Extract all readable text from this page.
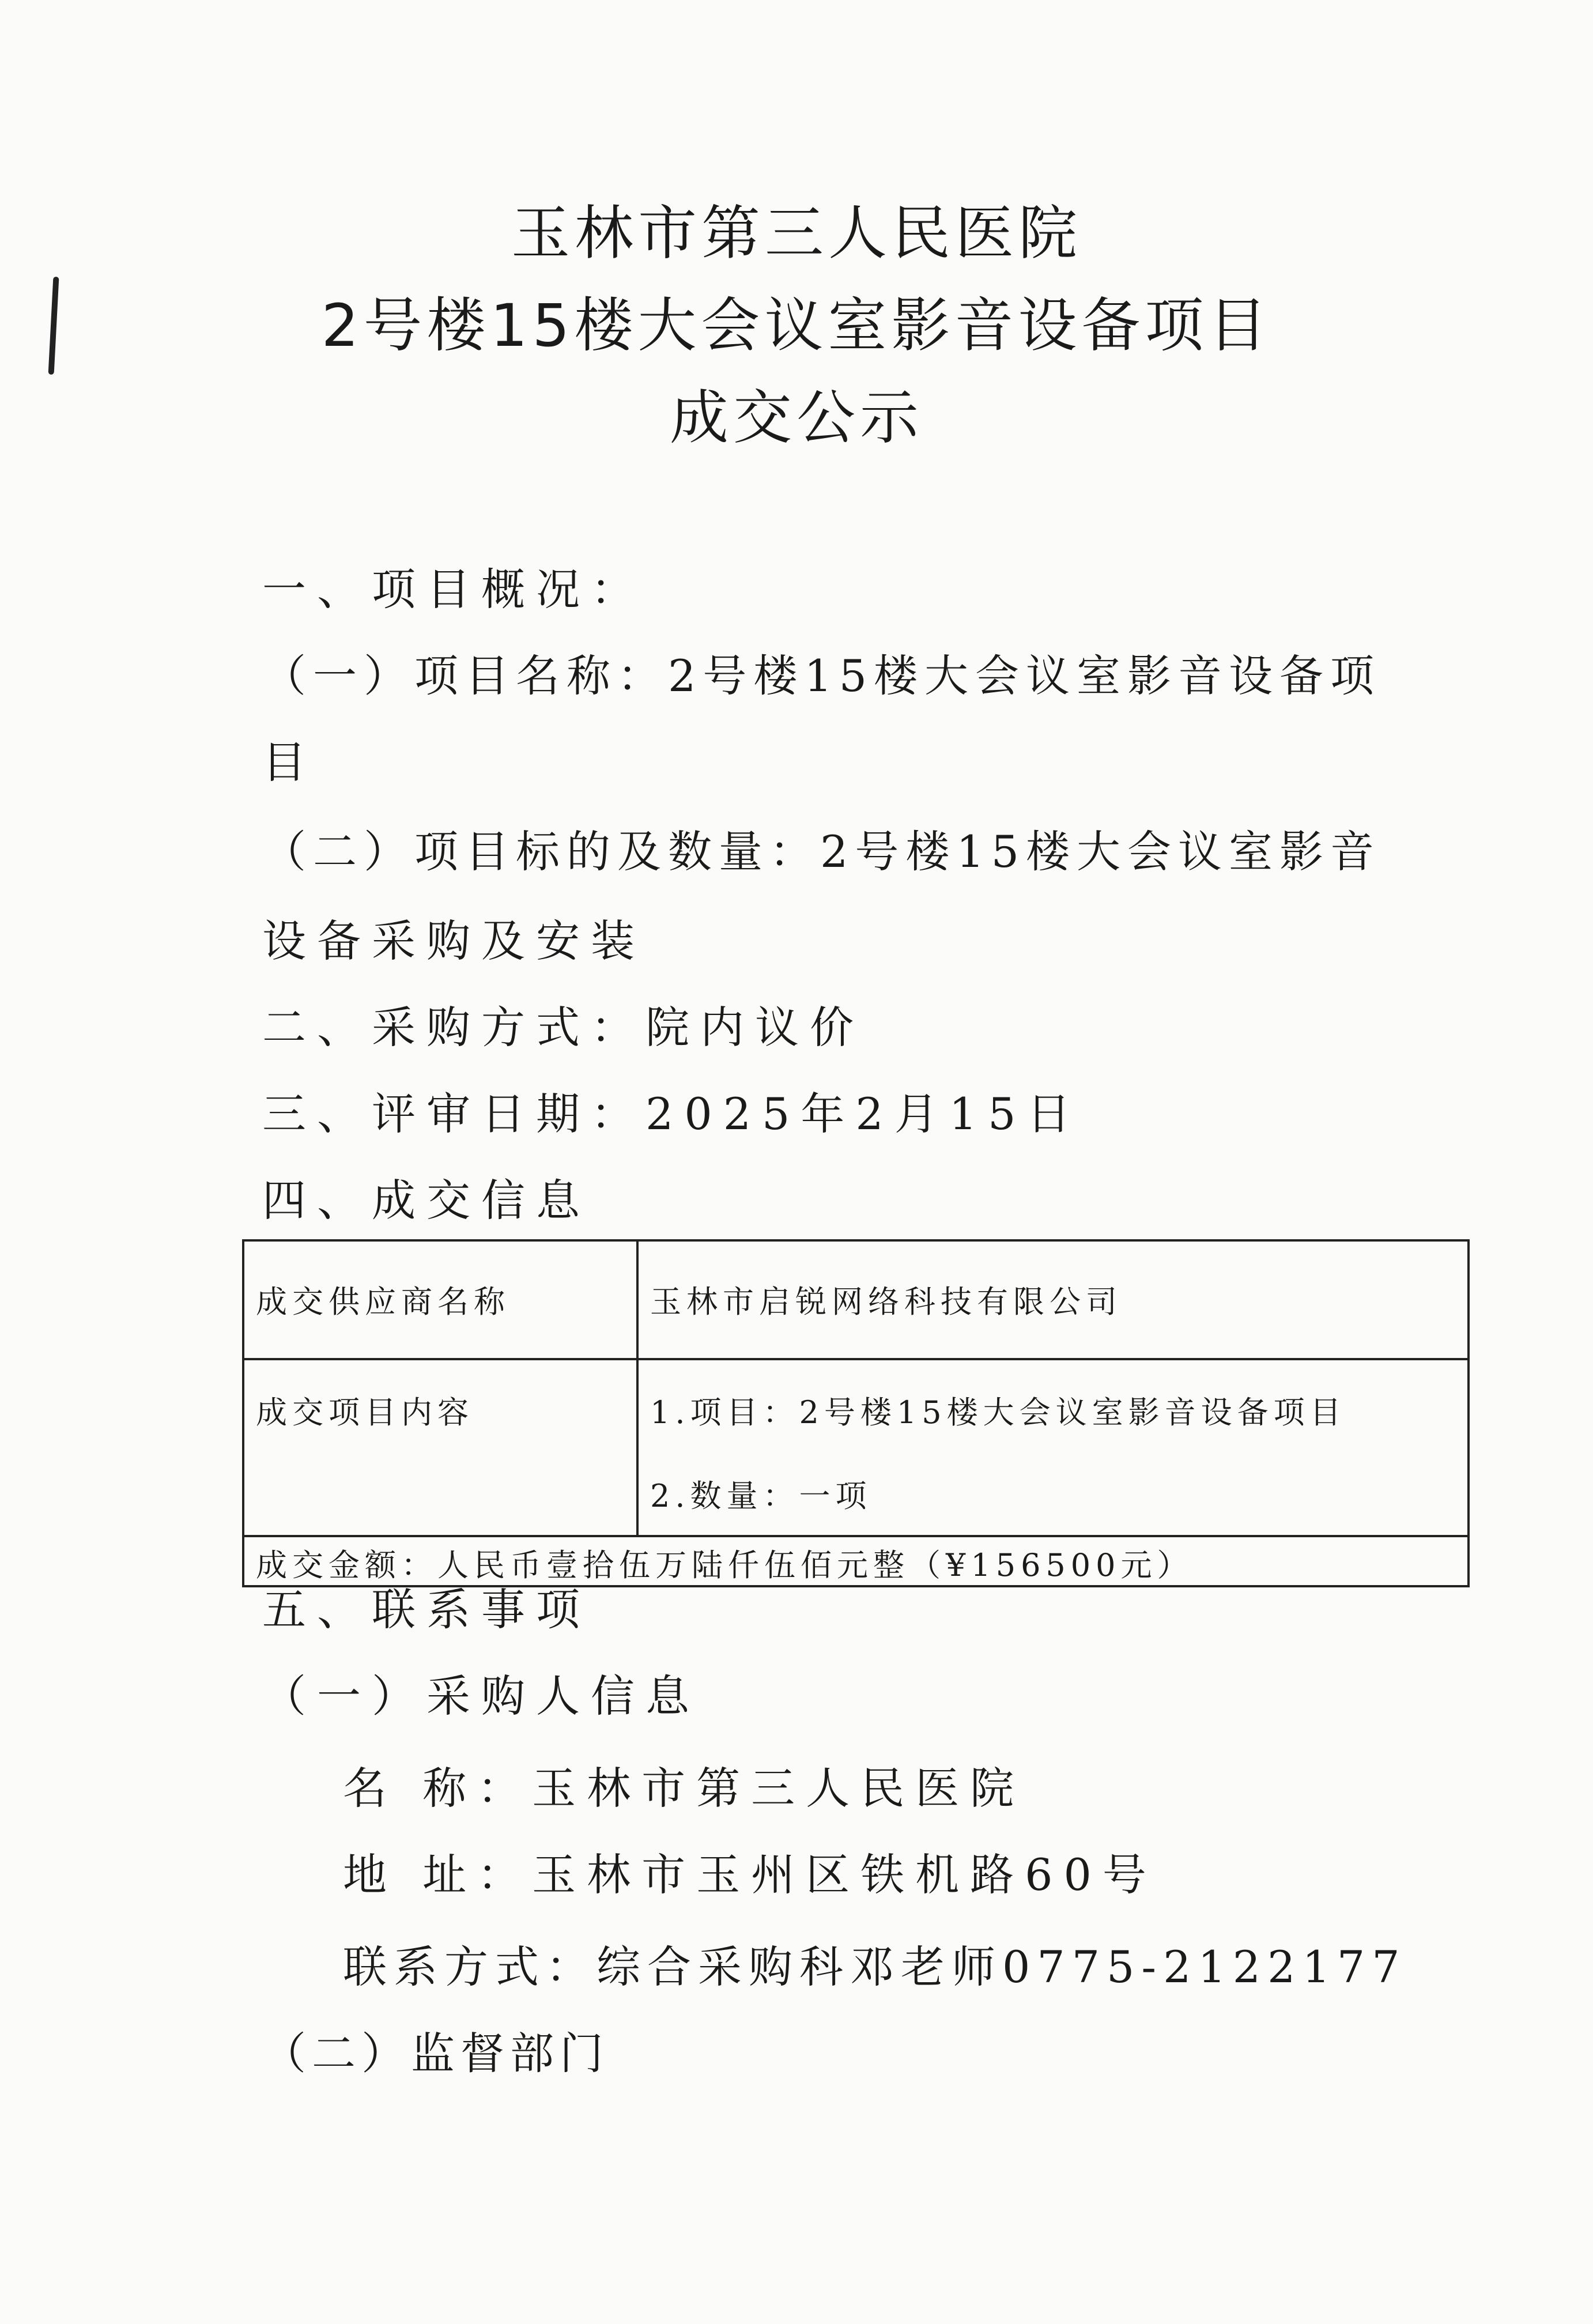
玉林市第三人民医院
2号楼15楼大会议室影音设备项目
成交公示
一、项目概况：
（一）项目名称：2号楼15楼大会议室影音设备项
目
（二）项目标的及数量：2号楼15楼大会议室影音
设备采购及安装
二、采购方式：院内议价
三、评审日期：2025年2月15日
四、成交信息
成交供应商名称	玉林市启锐网络科技有限公司
成交项目内容	1.项目：2号楼15楼大会议室影音设备项目
2.数量：一项

成交金额：人民币壹拾伍万陆仟伍佰元整（¥156500元）	
五、联系事项
（一）采购人信息
名 称：玉林市第三人民医院
地 址：玉林市玉州区铁机路60号
联系方式：综合采购科邓老师0775-2122177
（二）监督部门
